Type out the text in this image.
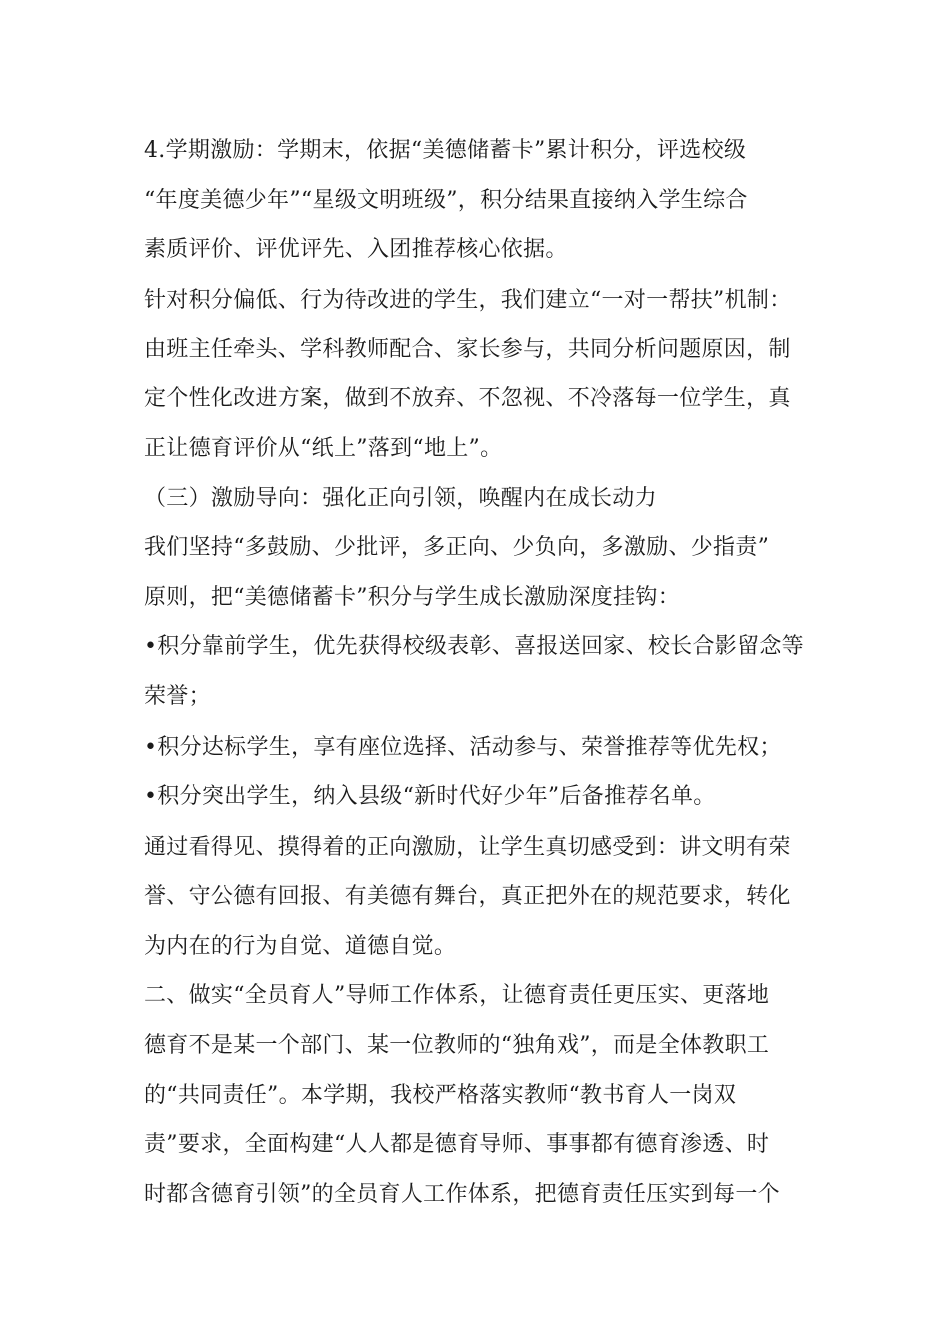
4.学期激励：学期末，依据“美德储蓄卡”累计积分，评选校级
“年度美德少年”“星级文明班级”，积分结果直接纳入学生综合
素质评价、评优评先、入团推荐核心依据。
针对积分偏低、行为待改进的学生，我们建立“一对一帮扶”机制：
由班主任牵头、学科教师配合、家长参与，共同分析问题原因，制
定个性化改进方案，做到不放弃、不忽视、不冷落每一位学生，真
正让德育评价从“纸上”落到“地上”。
（三）激励导向：强化正向引领，唤醒内在成长动力
我们坚持“多鼓励、少批评，多正向、少负向，多激励、少指责”
原则，把“美德储蓄卡”积分与学生成长激励深度挂钩：
•积分靠前学生，优先获得校级表彰、喜报送回家、校长合影留念等
荣誉；
•积分达标学生，享有座位选择、活动参与、荣誉推荐等优先权；
•积分突出学生，纳入县级“新时代好少年”后备推荐名单。
通过看得见、摸得着的正向激励，让学生真切感受到：讲文明有荣
誉、守公德有回报、有美德有舞台，真正把外在的规范要求，转化
为内在的行为自觉、道德自觉。
二、做实“全员育人”导师工作体系，让德育责任更压实、更落地
德育不是某一个部门、某一位教师的“独角戏”，而是全体教职工
的“共同责任”。本学期，我校严格落实教师“教书育人一岗双
责”要求，全面构建“人人都是德育导师、事事都有德育渗透、时
时都含德育引领”的全员育人工作体系，把德育责任压实到每一个
